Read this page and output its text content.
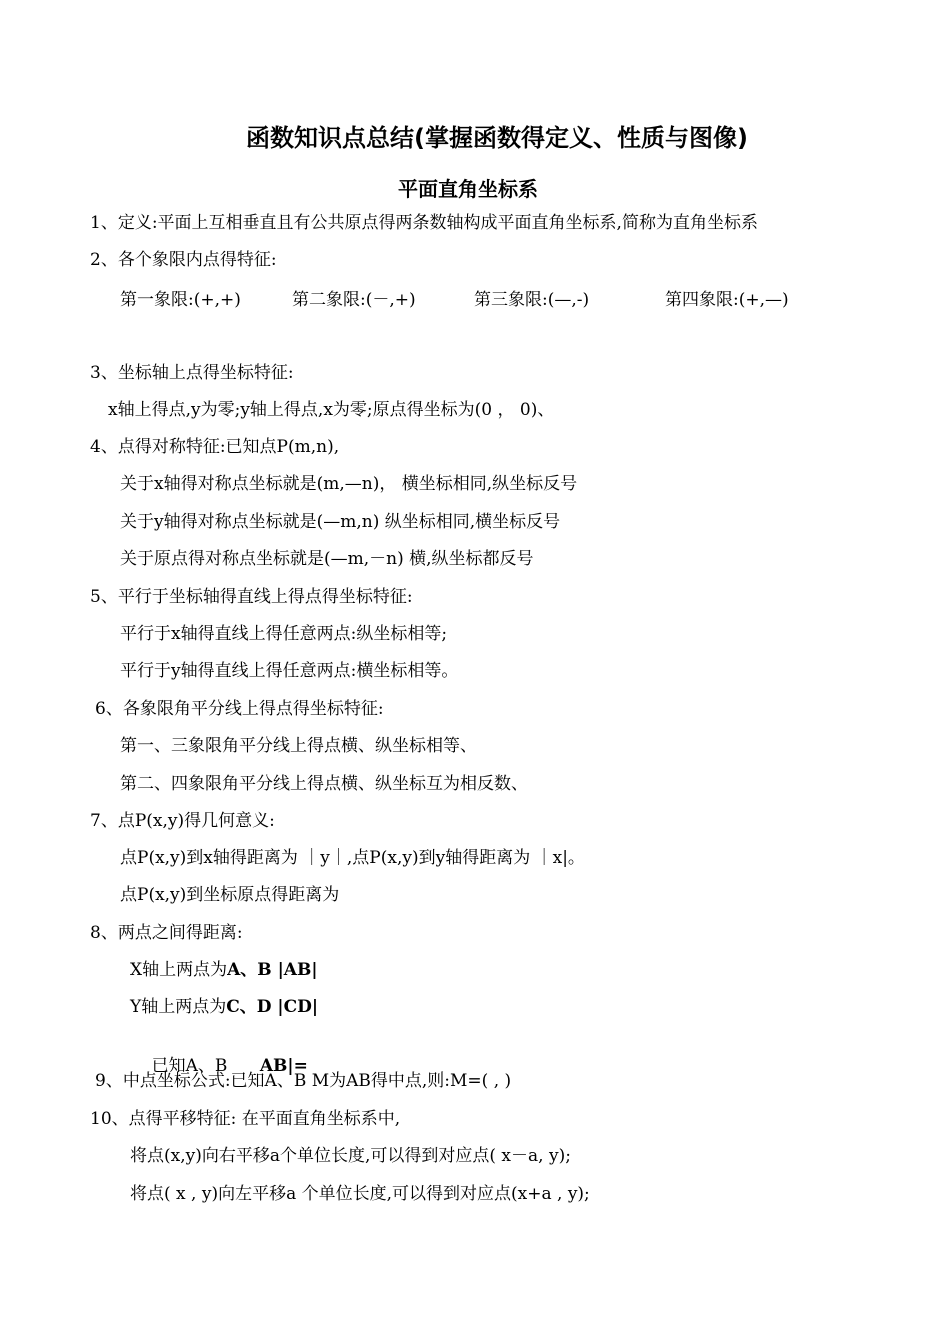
函数知识点总结(掌握函数得定义、性质与图像)
平面直角坐标系
1、定义:平面上互相垂直且有公共原点得两条数轴构成平面直角坐标系,简称为直角坐标系
2、各个象限内点得特征:
第一象限:(+,+)	第二象限:(－,+)	第三象限:(—,-)	第四象限:(+,—)
3、坐标轴上点得坐标特征:
x轴上得点,y为零;y轴上得点,x为零;原点得坐标为(0 ， 0)、
4、点得对称特征:已知点P(m,n),
关于x轴得对称点坐标就是(m,—n)， 横坐标相同,纵坐标反号
关于y轴得对称点坐标就是(—m,n) 纵坐标相同,横坐标反号
关于原点得对称点坐标就是(—m,－n) 横,纵坐标都反号
5、平行于坐标轴得直线上得点得坐标特征:
平行于x轴得直线上得任意两点:纵坐标相等;
平行于y轴得直线上得任意两点:横坐标相等。
6、各象限角平分线上得点得坐标特征:
第一、三象限角平分线上得点横、纵坐标相等、
第二、四象限角平分线上得点横、纵坐标互为相反数、
7、点P(x,y)得几何意义:
点P(x,y)到x轴得距离为 ｜y｜,点P(x,y)到y轴得距离为 ｜x|。
点P(x,y)到坐标原点得距离为
8、两点之间得距离:
X轴上两点为A、B |AB|
Y轴上两点为C、D |CD|

已知A、B      AB|=

9、中点坐标公式:已知A、B M为AB得中点,则:M=( , )
10、点得平移特征: 在平面直角坐标系中,
将点(x,y)向右平移a个单位长度,可以得到对应点( x－a, y);
将点( x , y)向左平移a 个单位长度,可以得到对应点(x+a , y);
